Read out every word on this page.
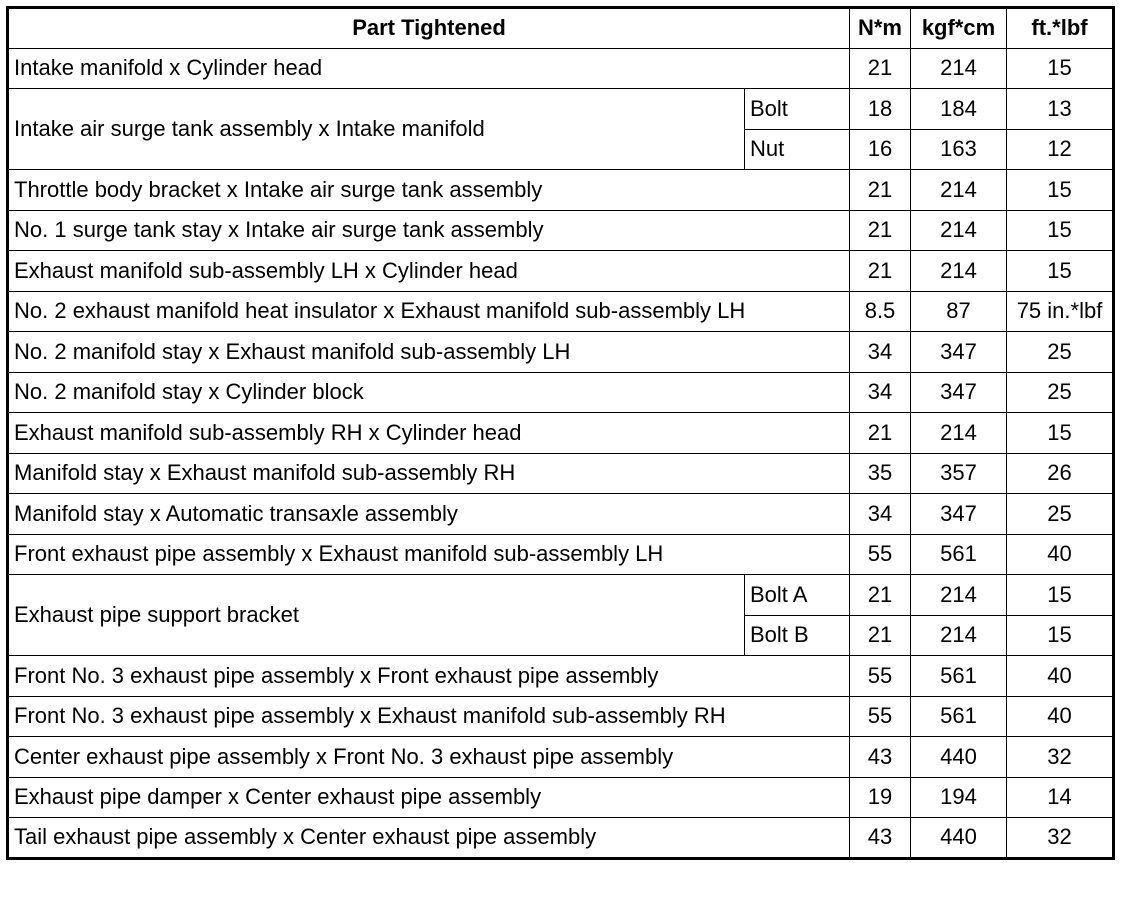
Part Tightened		N*m	kgf*cm	ft.*lbf
Intake manifold x Cylinder head		21	214	15
Intake air surge tank assembly x Intake manifold	Bolt	18	184	13
	Nut	16	163	12
Throttle body bracket x Intake air surge tank assembly		21	214	15
No. 1 surge tank stay x Intake air surge tank assembly		21	214	15
Exhaust manifold sub-assembly LH x Cylinder head		21	214	15
No. 2 exhaust manifold heat insulator x Exhaust manifold sub-assembly LH		8.5	87	75 in.*lbf
No. 2 manifold stay x Exhaust manifold sub-assembly LH		34	347	25
No. 2 manifold stay x Cylinder block		34	347	25
Exhaust manifold sub-assembly RH x Cylinder head		21	214	15
Manifold stay x Exhaust manifold sub-assembly RH		35	357	26
Manifold stay x Automatic transaxle assembly		34	347	25
Front exhaust pipe assembly x Exhaust manifold sub-assembly LH		55	561	40
Exhaust pipe support bracket	Bolt A	21	214	15
	Bolt B	21	214	15
Front No. 3 exhaust pipe assembly x Front exhaust pipe assembly		55	561	40
Front No. 3 exhaust pipe assembly x Exhaust manifold sub-assembly RH		55	561	40
Center exhaust pipe assembly x Front No. 3 exhaust pipe assembly		43	440	32
Exhaust pipe damper x Center exhaust pipe assembly		19	194	14
Tail exhaust pipe assembly x Center exhaust pipe assembly		43	440	32
